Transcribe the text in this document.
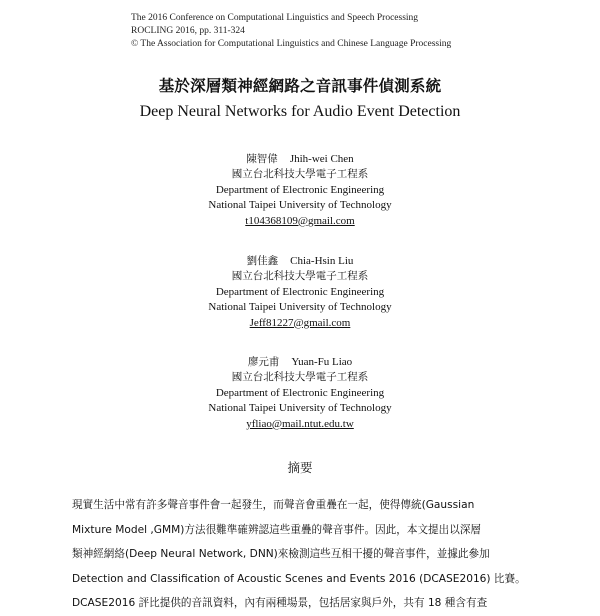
The 2016 Conference on Computational Linguistics and Speech Processing
ROCLING 2016, pp. 311-324
© The Association for Computational Linguistics and Chinese Language Processing
基於深層類神經網路之音訊事件偵測系統
Deep Neural Networks for Audio Event Detection
陳智偉 Jhih-wei Chen
國立台北科技大學電子工程系
Department of Electronic Engineering
National Taipei University of Technology
t104368109@gmail.com
劉佳鑫 Chia-Hsin Liu
國立台北科技大學電子工程系
Department of Electronic Engineering
National Taipei University of Technology
Jeff81227@gmail.com
廖元甫 Yuan-Fu Liao
國立台北科技大學電子工程系
Department of Electronic Engineering
National Taipei University of Technology
yfliao@mail.ntut.edu.tw
摘要
現實生活中常有許多聲音事件會一起發生，而聲音會重疊在一起，使得傳統(Gaussian
Mixture Model ,GMM)方法很難準確辨認這些重疊的聲音事件。因此，本文提出以深層
類神經網絡(Deep Neural Network, DNN)來檢測這些互相干擾的聲音事件，並據此參加
Detection and Classification of Acoustic Scenes and Events 2016 (DCASE2016) 比賽。
DCASE2016 評比提供的音訊資料，內有兩種場景，包括居家與戶外，共有 18 種含有查
